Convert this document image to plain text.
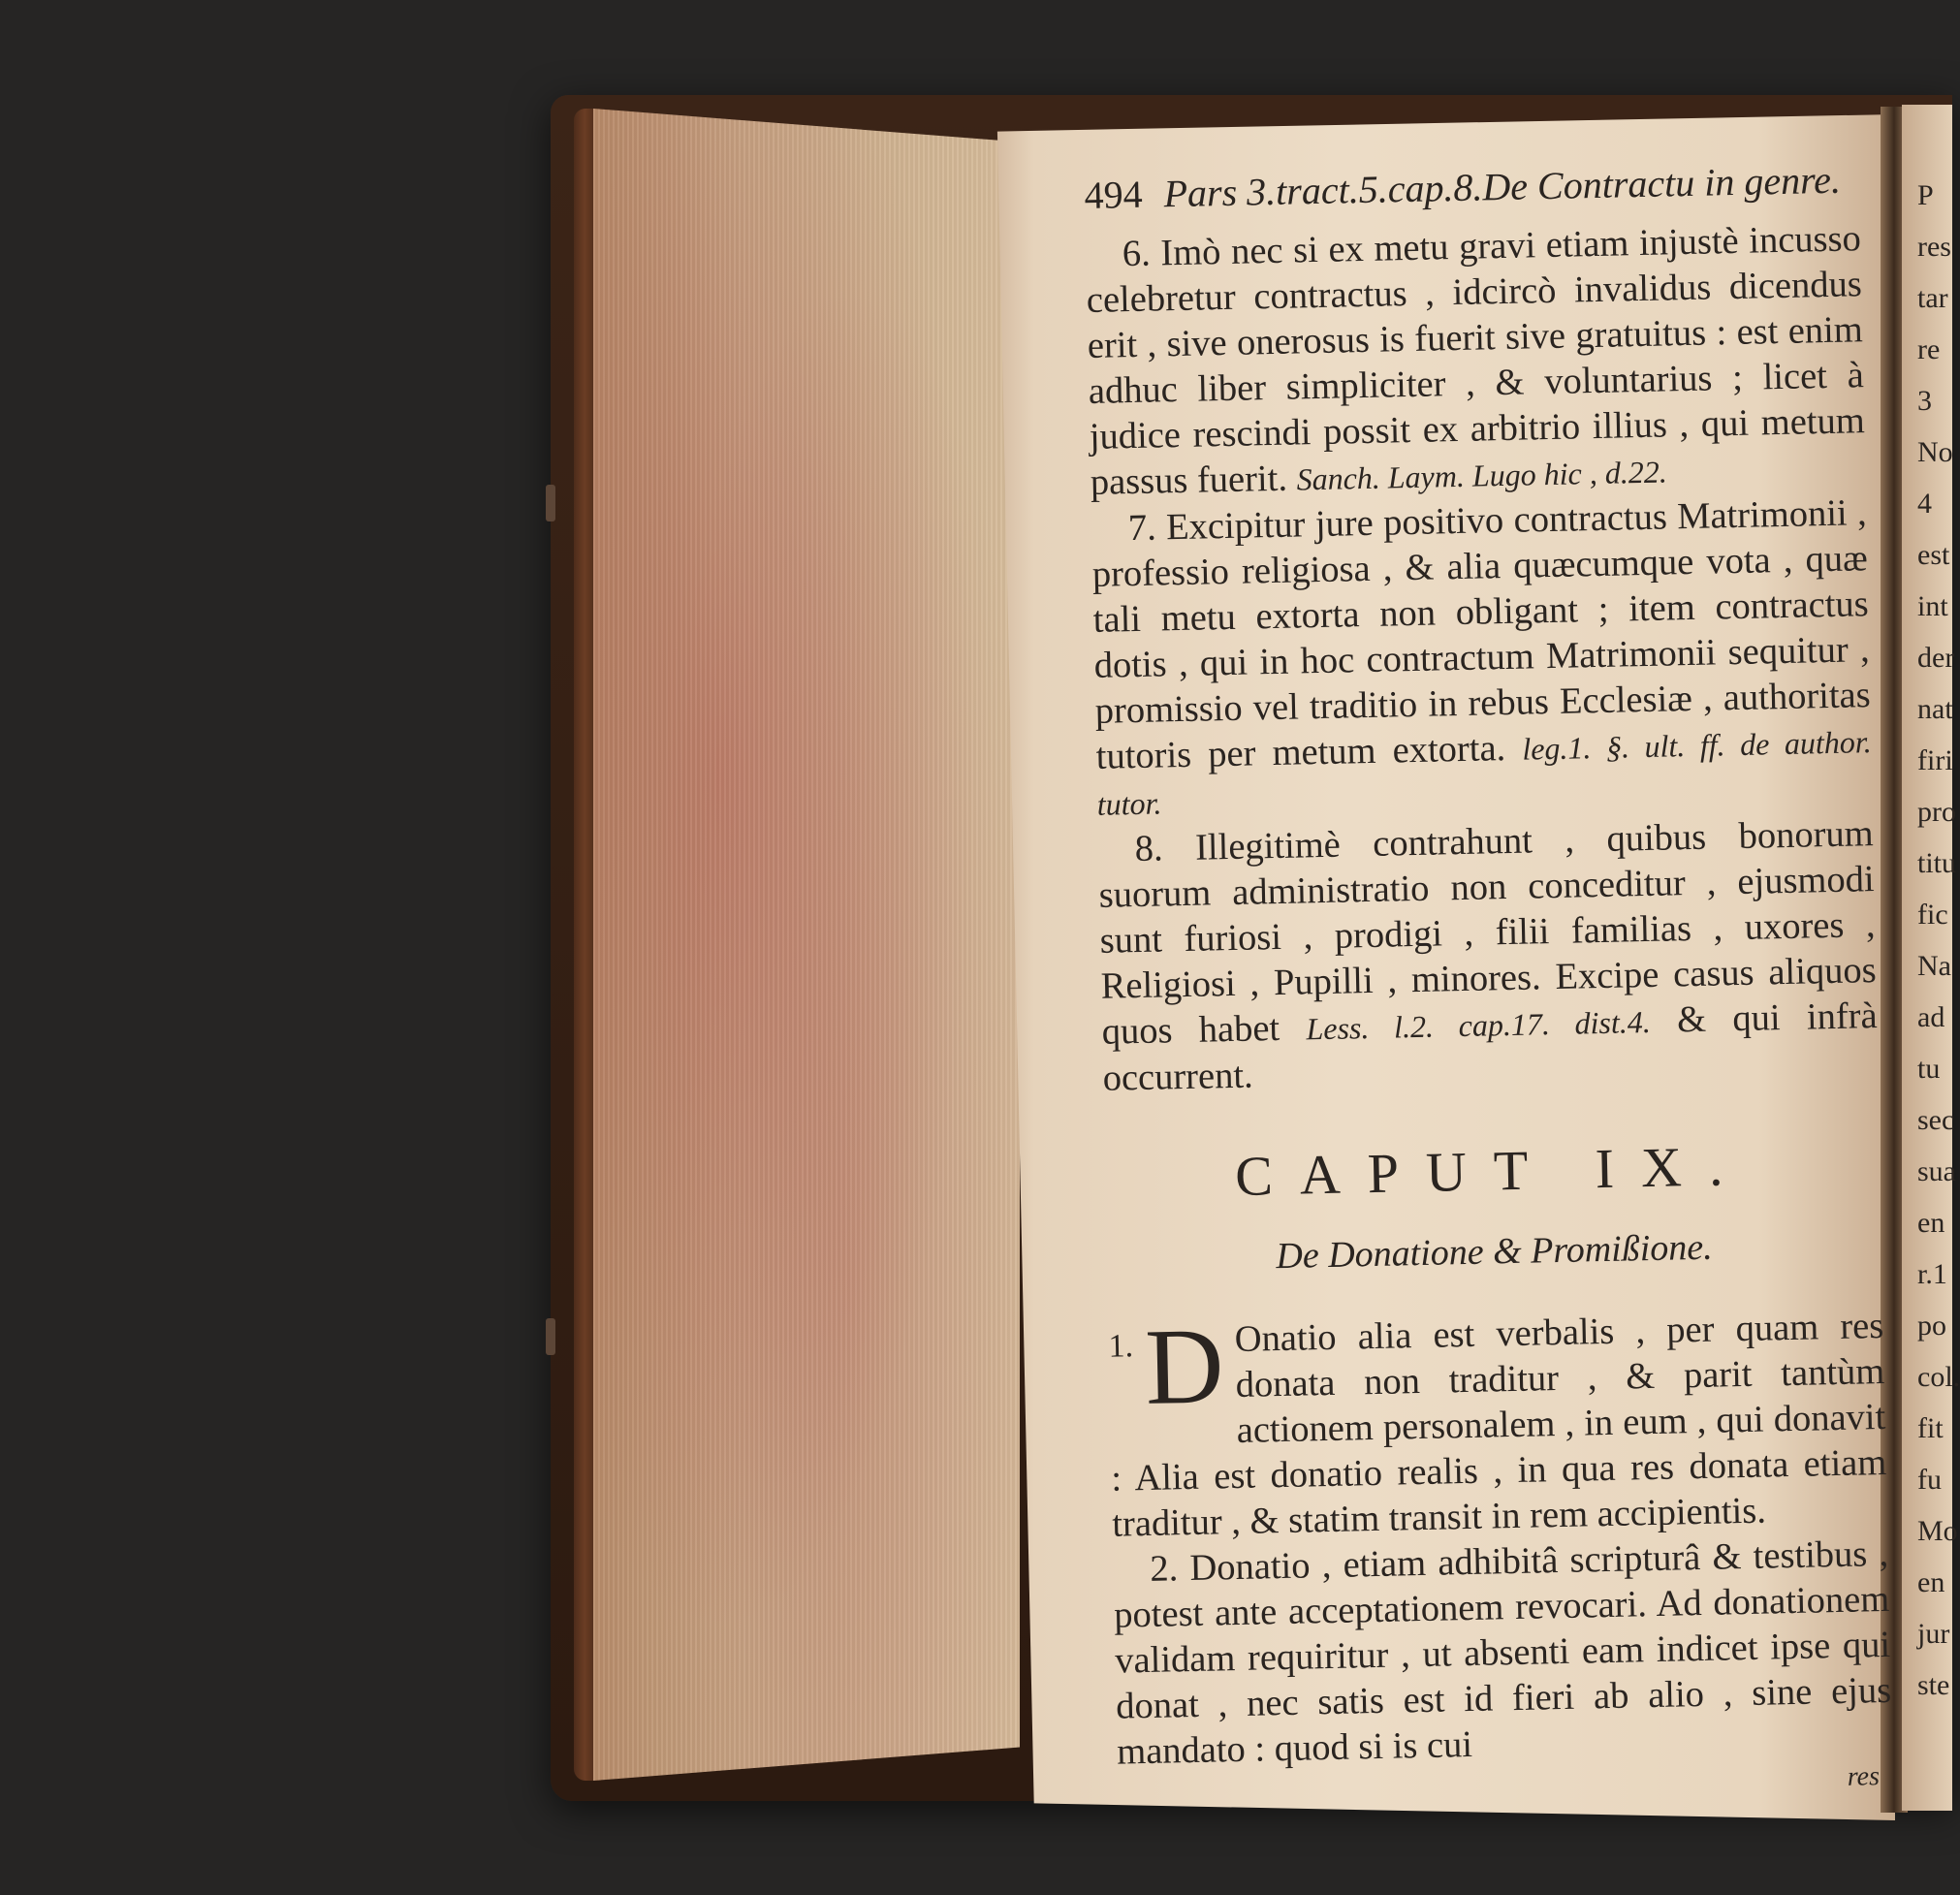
494 Pars 3.tract.5.cap.8.De Contractu in genre.
6. Imò nec si ex metu gravi etiam injustè incusso celebretur contractus , idcircò invalidus dicendus erit , sive onerosus is fuerit sive gratuitus : est enim adhuc liber simpliciter , & voluntarius ; licet à judice rescindi possit ex arbitrio illius , qui metum passus fuerit. Sanch. Laym. Lugo hic , d.22.
7. Excipitur jure positivo contractus Matrimonii , professio religiosa , & alia quæcumque vota , quæ tali metu extorta non obligant ; item contractus dotis , qui in hoc contractum Matrimonii sequitur , promissio vel traditio in rebus Ecclesiæ , authoritas tutoris per metum extorta. leg.1. §. ult. ff. de author. tutor.
8. Illegitimè contrahunt , quibus bonorum suorum administratio non conceditur , ejusmodi sunt furiosi , prodigi , filii familias , uxores , Religiosi , Pupilli , minores. Excipe casus aliquos quos habet Less. l.2. cap.17. dist.4. & qui infrà occurrent.
CAPUT IX.
De Donatione & Promißione.
1. D Onatio alia est verbalis , per quam res donata non traditur , & parit tantùm actionem personalem , in eum , qui donavit : Alia est donatio realis , in qua res donata etiam traditur , & statim transit in rem accipientis.
2. Donatio , etiam adhibitâ scripturâ & testibus , potest ante acceptationem revocari. Ad donationem validam requiritur , ut absenti eam indicet ipse qui donat , nec satis est id fieri ab alio , sine ejus mandato : quod si is cui
res
P
res
tar
re
3
No
4
est
int
der
nat
firi
pro
titu
fic
Na
ad
tu
sec
sua
en
r.1
po
col.
fit
fu
Mo
en
jur
ste
